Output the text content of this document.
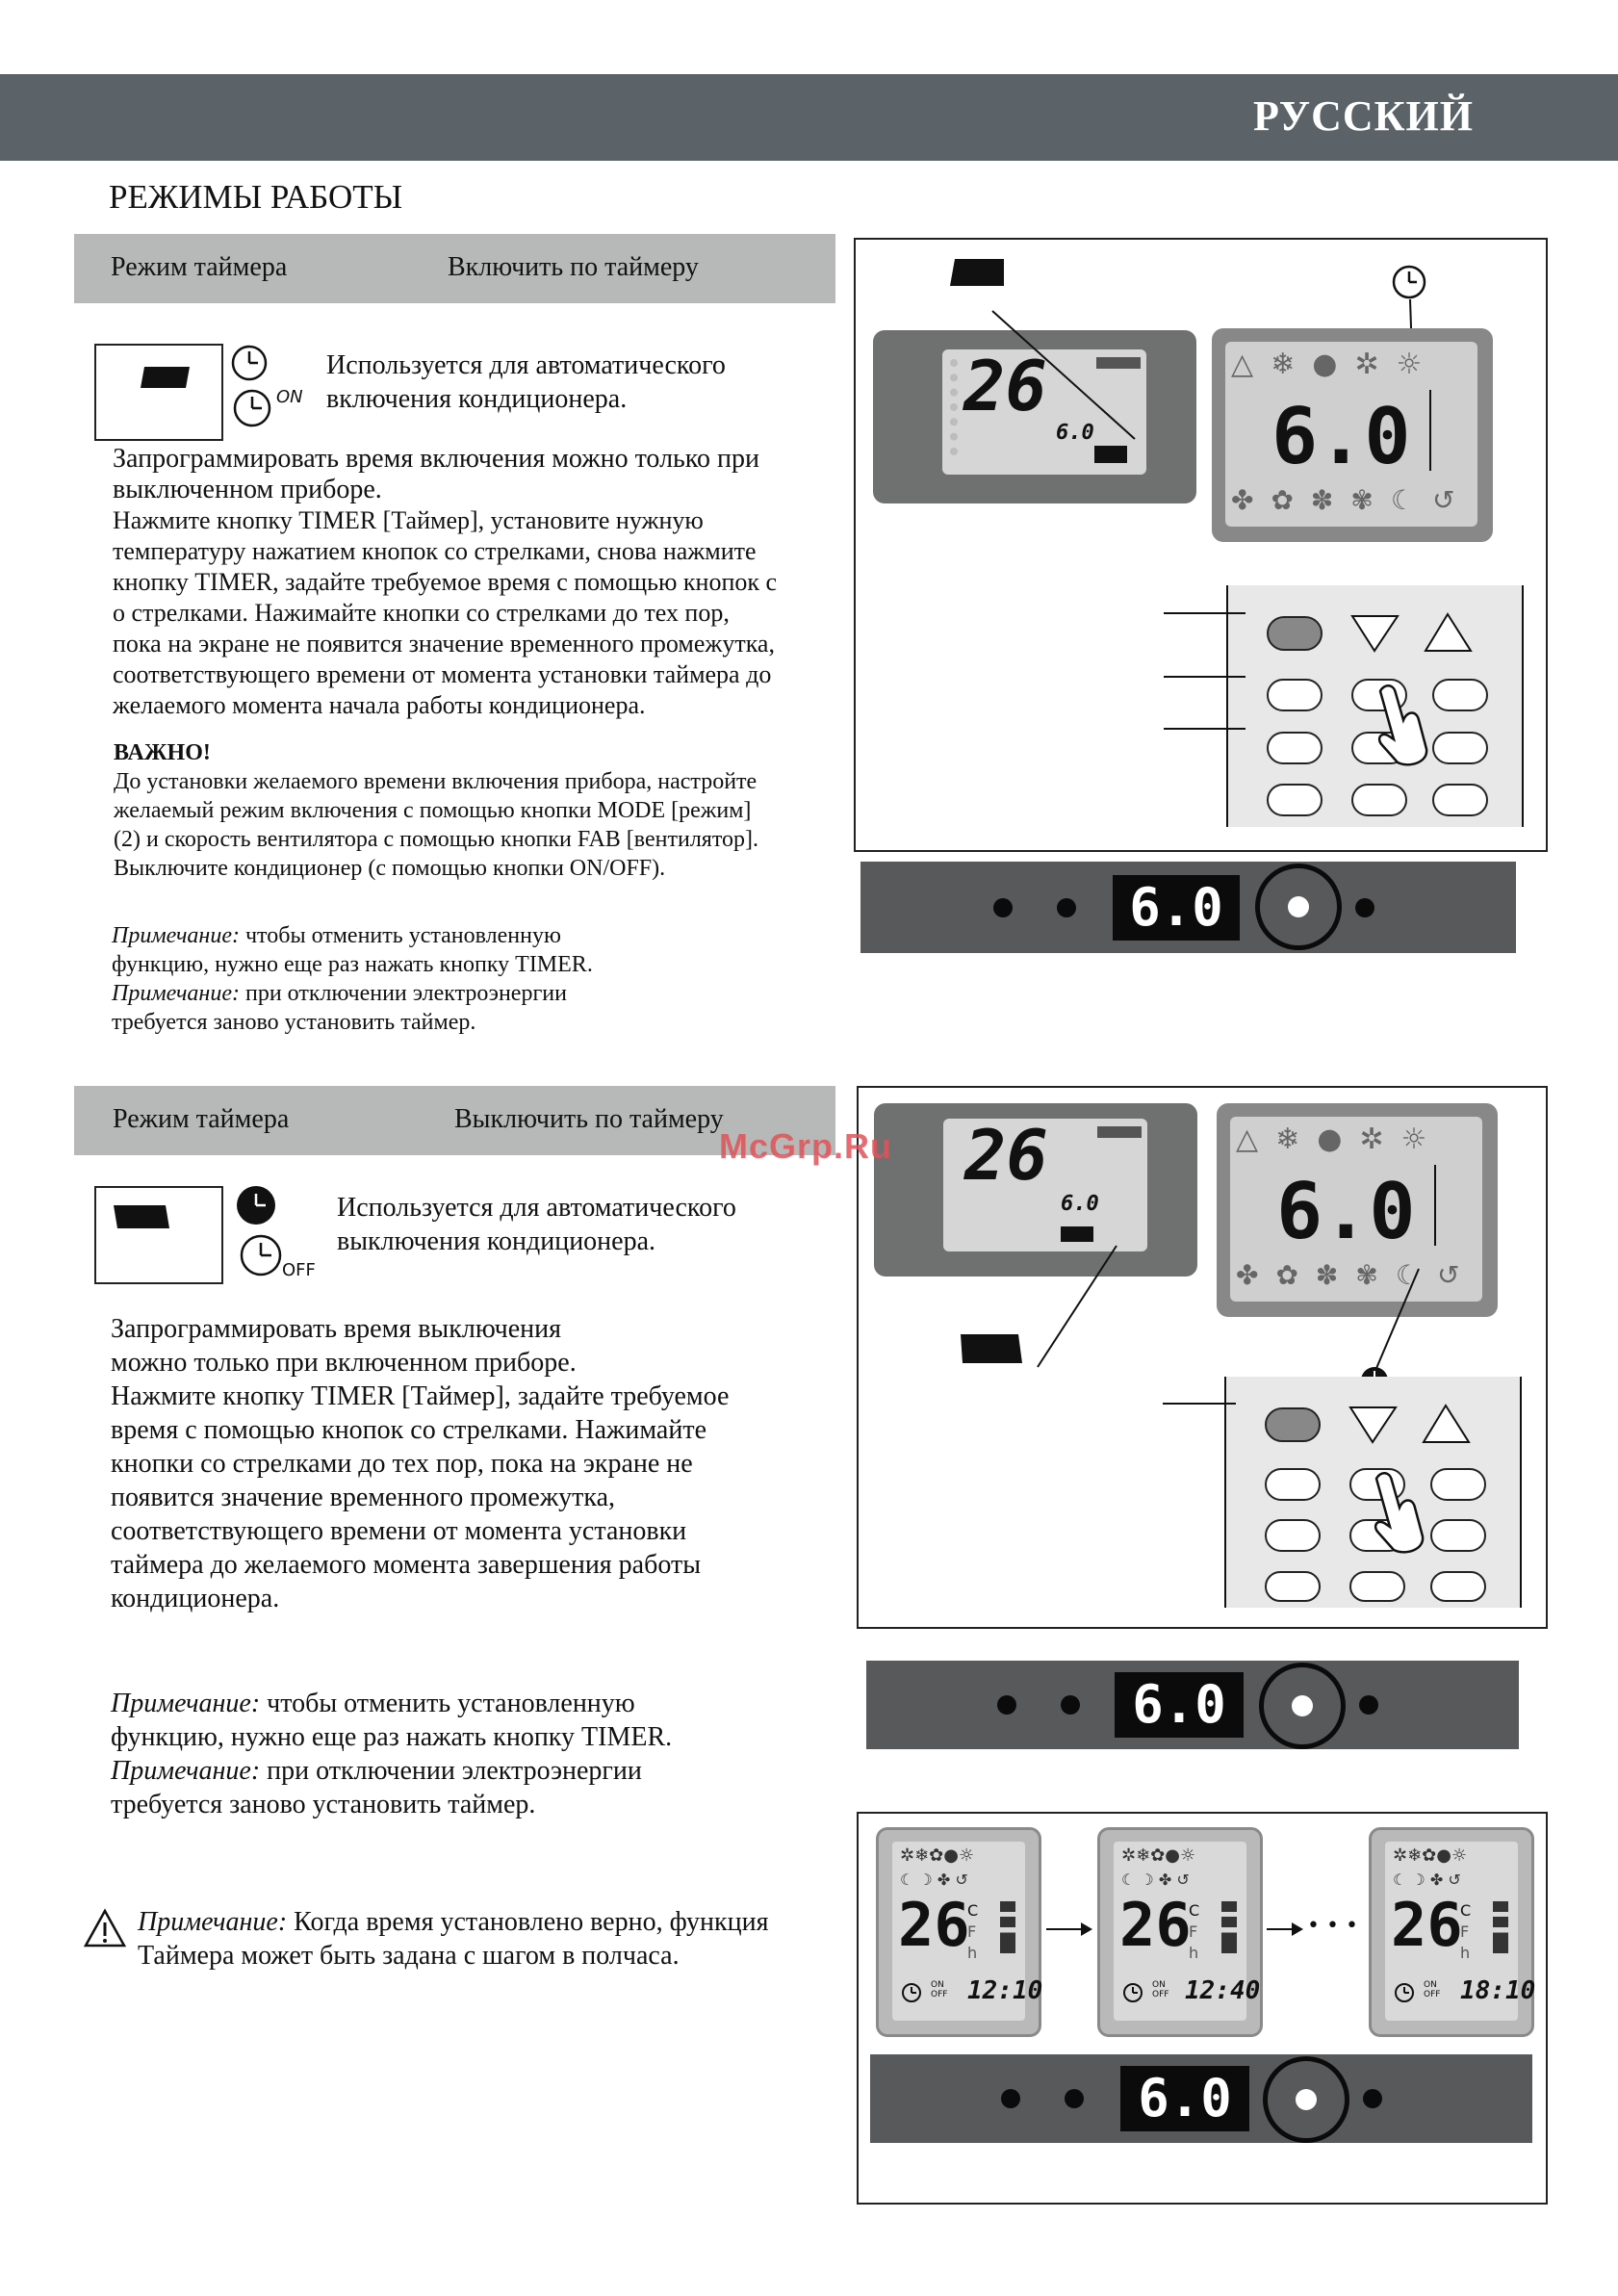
РУССКИЙ
РЕЖИМЫ РАБОТЫ
Режим таймера	Включить по таймеру
ON
Используется для автоматического
включения кондиционера.
Запрограммировать время включения можно только при
выключенном приборе.
Нажмите кнопку TIMER [Таймер], установите нужную
температуру нажатием кнопок со стрелками, снова нажмите
кнопку TIMER, задайте требуемое время с помощью кнопок с
о стрелками. Нажимайте кнопки со стрелками до тех пор,
пока на экране не появится значение временного промежутка,
соответствующего времени от момента установки таймера до
желаемого момента начала работы кондиционера.
ВАЖНО!
До установки желаемого времени включения прибора, настройте
желаемый режим включения с помощью кнопки MODE [режим]
(2) и скорость вентилятора с помощью кнопки FAB [вентилятор].
Выключите кондиционер (с помощью кнопки ON/OFF).
Примечание: чтобы отменить установленную
функцию, нужно еще раз нажать кнопку TIMER.
Примечание: при отключении электроэнергии
требуется заново установить таймер.
26
6.0
△❄●✲☼
6.0
✤✿✽✾☾↺
6.0
Режим таймера	Выключить по таймеру
OFF
Используется для автоматического
выключения кондиционера.
Запрограммировать время выключения
можно только при включенном приборе.
Нажмите кнопку TIMER [Таймер], задайте требуемое
время с помощью кнопок со стрелками. Нажимайте
кнопки со стрелками до тех пор, пока на экране не
появится значение временного промежутка,
соответствующего времени от момента установки
таймера до желаемого момента завершения работы
кондиционера.
Примечание: чтобы отменить установленную
функцию, нужно еще раз нажать кнопку TIMER.
Примечание: при отключении электроэнергии
требуется заново установить таймер.
26
6.0
△❄●✲☼
6.0
✤✿✽✾☾↺
6.0
Примечание: Когда время установлено верно, функция
Таймера может быть задана с шагом в полчаса.
✲❄✿●☼
☾ ☽ ✤ ↺
26
C
F
h
ON
OFF 12:10
✲❄✿●☼
☾ ☽ ✤ ↺
26
C
F
h
ON
OFF 12:40
• • •
✲❄✿●☼
☾ ☽ ✤ ↺
26
C
F
h
ON
OFF 18:10
6.0
McGrp.Ru
